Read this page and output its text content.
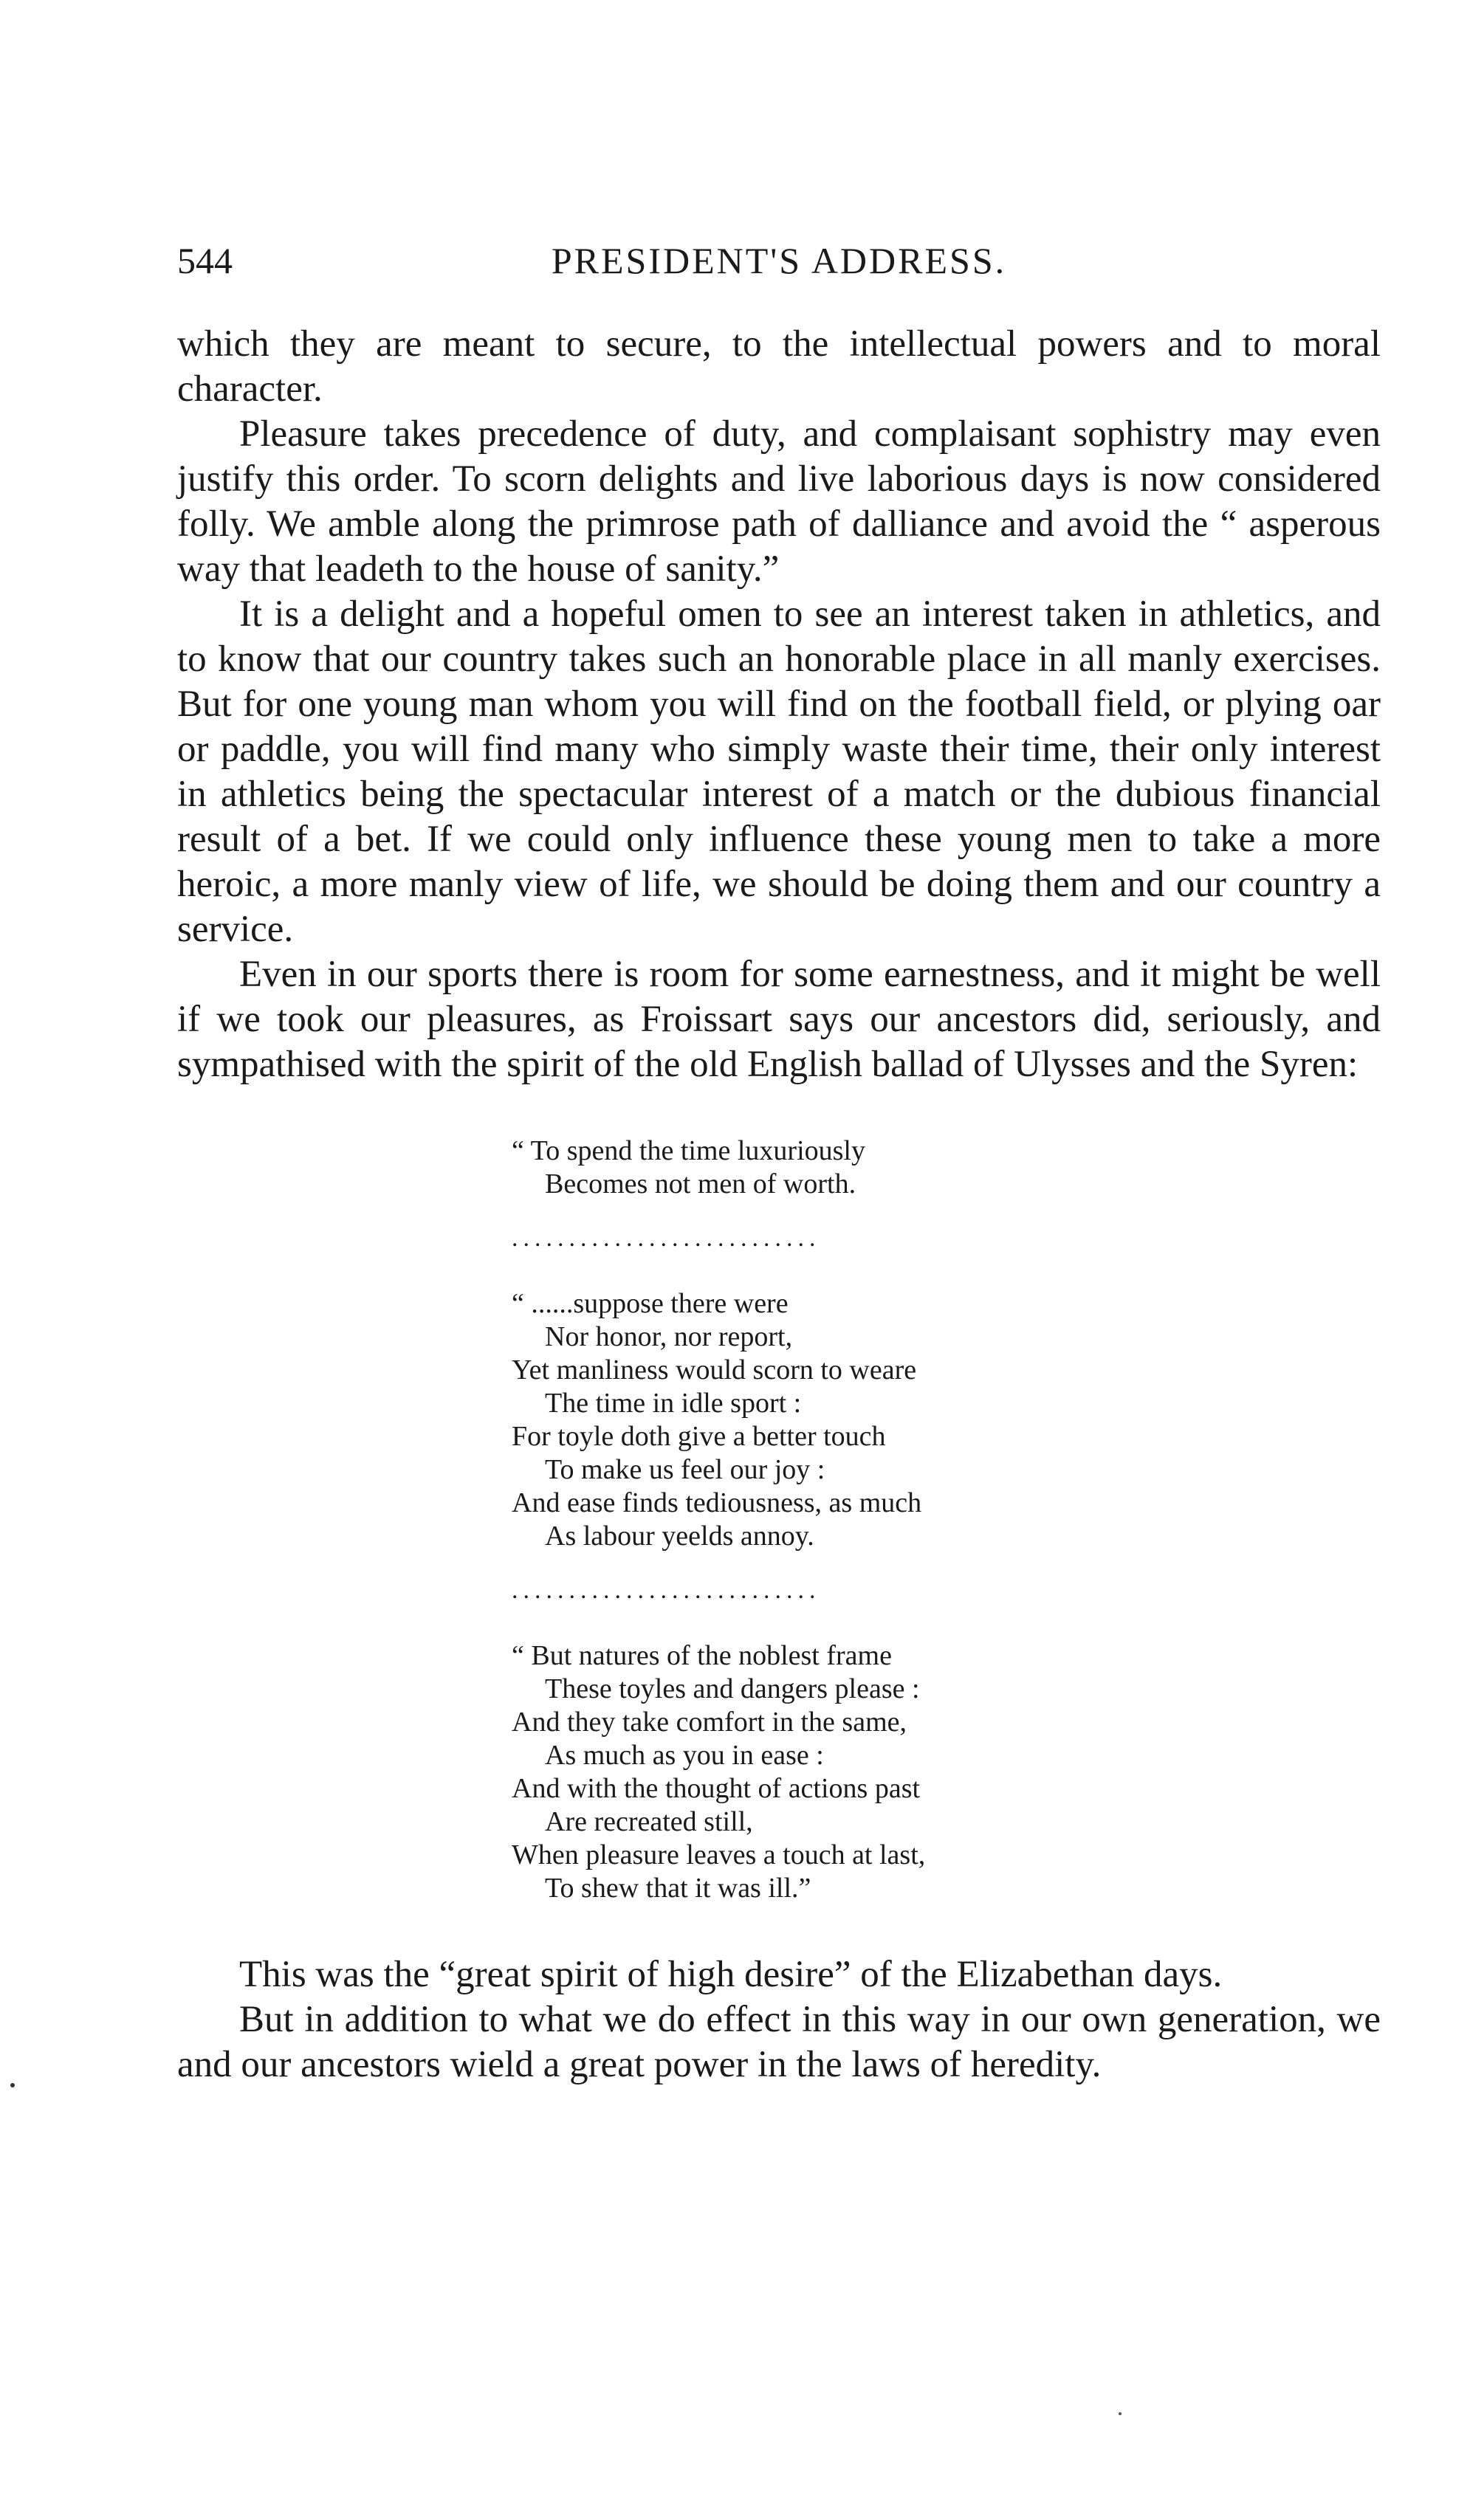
544	PRESIDENT'S ADDRESS.

which they are meant to secure, to the intellectual powers and to moral character.

Pleasure takes precedence of duty, and complaisant sophistry may even justify this order. To scorn delights and live laborious days is now considered folly. We amble along the primrose path of dalliance and avoid the “ asperous way that leadeth to the house of sanity.”

It is a delight and a hopeful omen to see an interest taken in athletics, and to know that our country takes such an honorable place in all manly exercises. But for one young man whom you will find on the football field, or plying oar or paddle, you will find many who simply waste their time, their only interest in athletics being the spectacular interest of a match or the dubious financial result of a bet. If we could only influence these young men to take a more heroic, a more manly view of life, we should be doing them and our country a service.

Even in our sports there is room for some earnestness, and it might be well if we took our pleasures, as Froissart says our ancestors did, seriously, and sympathised with the spirit of the old English ballad of Ulysses and the Syren:

“ To spend the time luxuriously
Becomes not men of worth.
...........................
“ ......suppose there were
Nor honor, nor report,
Yet manliness would scorn to weare
The time in idle sport :
For toyle doth give a better touch
To make us feel our joy :
And ease finds tediousness, as much
As labour yeelds annoy.
...........................
“ But natures of the noblest frame
These toyles and dangers please :
And they take comfort in the same,
As much as you in ease :
And with the thought of actions past
Are recreated still,
When pleasure leaves a touch at last,
To shew that it was ill.”

This was the “great spirit of high desire” of the Elizabethan days.

But in addition to what we do effect in this way in our own generation, we and our ancestors wield a great power in the laws of heredity.
